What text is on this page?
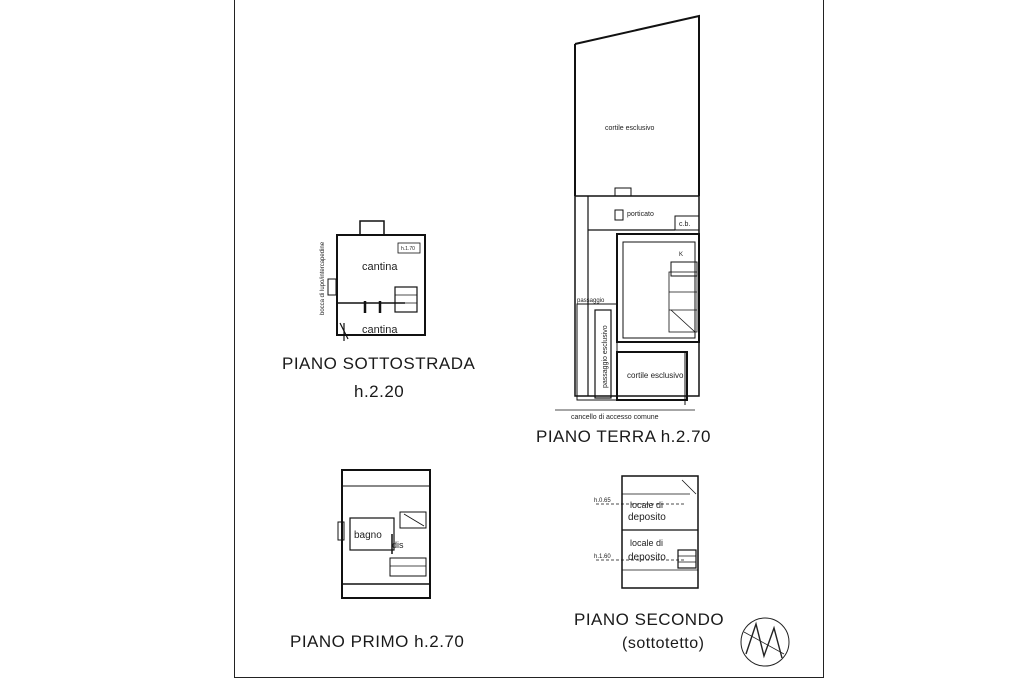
cantina
cantina
h.1.70
bocca di lupo/intercapedine
PIANO SOTTOSTRADA
h.2.20
cortile esclusivo
porticato
c.b.
K
passaggio
passaggio esclusivo cortile esclusivo
cancello di accesso comune
PIANO TERRA h.2.70
bagno
dis
PIANO PRIMO h.2.70
h.0.65
h.1.60
locale di
deposito
locale di
deposito
PIANO SECONDO
(sottotetto)
